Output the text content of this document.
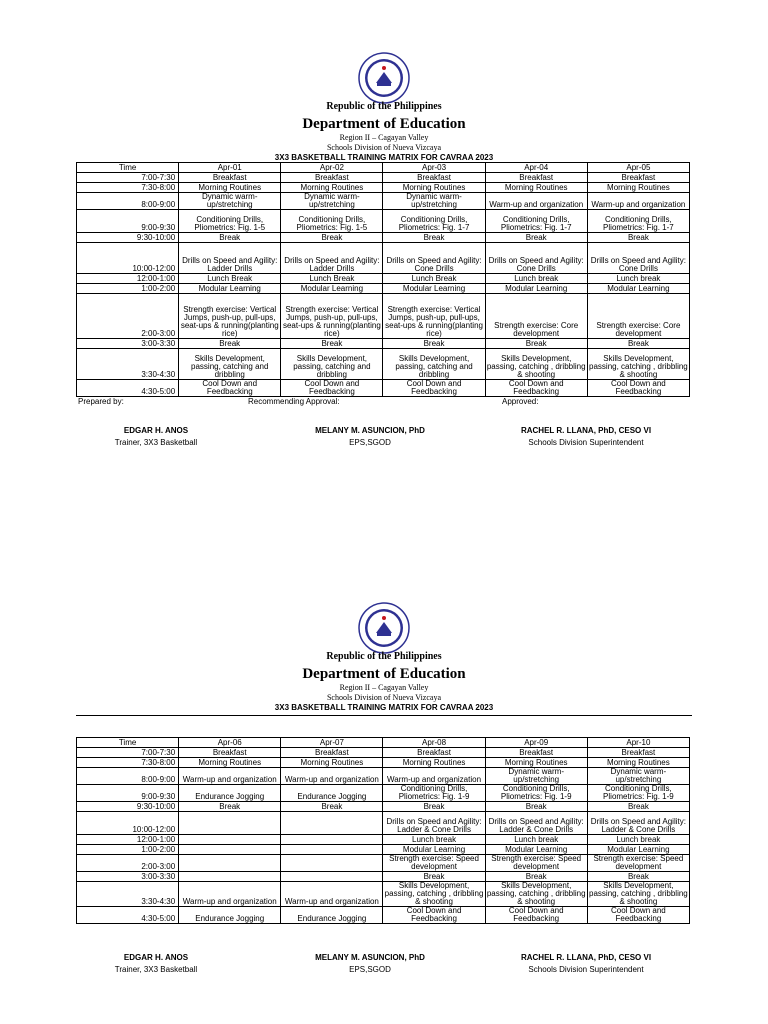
Republic of the Philippines
Department of Education
Region II – Cagayan Valley
Schools Division of Nueva Vizcaya
3X3 BASKETBALL TRAINING MATRIX FOR CAVRAA 2023
Time	Apr-01	Apr-02	Apr-03	Apr-04	Apr-05
7:00-7:30	Breakfast	Breakfast	Breakfast	Breakfast	Breakfast
7:30-8:00	Morning Routines	Morning Routines	Morning Routines	Morning Routines	Morning Routines
8:00-9:00	Dynamic warm-up/stretching	Dynamic warm-up/stretching	Dynamic warm-up/stretching	Warm-up and organization	Warm-up and organization
9:00-9:30	Conditioning Drills, Pliometrics: Fig. 1-5	Conditioning Drills, Pliometrics: Fig. 1-5	Conditioning Drills, Pliometrics: Fig. 1-7	Conditioning Drills, Pliometrics: Fig. 1-7	Conditioning Drills, Pliometrics: Fig. 1-7
9:30-10:00	Break	Break	Break	Break	Break
10:00-12:00	Drills on Speed and Agility: Ladder Drills	Drills on Speed and Agility: Ladder Drills	Drills on Speed and Agility: Cone Drills	Drills on Speed and Agility: Cone Drills	Drills on Speed and Agility: Cone Drills
12:00-1:00	Lunch Break	Lunch Break	Lunch Break	Lunch break	Lunch break
1:00-2:00	Modular Learning	Modular Learning	Modular Learning	Modular Learning	Modular Learning
2:00-3:00	Strength exercise: Vertical Jumps, push-up, pull-ups, seat-ups & running(planting rice)	Strength exercise: Vertical Jumps, push-up, pull-ups, seat-ups & running(planting rice)	Strength exercise: Vertical Jumps, push-up, pull-ups, seat-ups & running(planting rice)	Strength exercise: Core development	Strength exercise: Core development
3:00-3:30	Break	Break	Break	Break	Break
3:30-4:30	Skills Development, passing, catching and dribbling	Skills Development, passing, catching and dribbling	Skills Development, passing, catching and dribbling	Skills Development, passing, catching , dribbling & shooting	Skills Development, passing, catching , dribbling & shooting
4:30-5:00	Cool Down and Feedbacking	Cool Down and Feedbacking	Cool Down and Feedbacking	Cool Down and Feedbacking	Cool Down and Feedbacking
Prepared by:	Recommending Approval:	Approved:
EDGAR H. ANOS
Trainer, 3X3 Basketball
MELANY M. ASUNCION, PhD
EPS,SGOD
RACHEL R. LLANA, PhD, CESO VI
Schools Division Superintendent
Republic of the Philippines
Department of Education
Region II – Cagayan Valley
Schools Division of Nueva Vizcaya
3X3 BASKETBALL TRAINING MATRIX FOR CAVRAA 2023
Time	Apr-06	Apr-07	Apr-08	Apr-09	Apr-10
7:00-7:30	Breakfast	Breakfast	Breakfast	Breakfast	Breakfast
7:30-8:00	Morning Routines	Morning Routines	Morning Routines	Morning Routines	Morning Routines
8:00-9:00	Warm-up and organization	Warm-up and organization	Warm-up and organization	Dynamic warm-up/stretching	Dynamic warm-up/stretching
9:00-9:30	Endurance Jogging	Endurance Jogging	Conditioning Drills, Pliometrics: Fig. 1-9	Conditioning Drills, Pliometrics: Fig. 1-9	Conditioning Drills, Pliometrics: Fig. 1-9
9:30-10:00	Break	Break	Break	Break	Break
10:00-12:00			Drills on Speed and Agility: Ladder & Cone Drills	Drills on Speed and Agility: Ladder & Cone Drills	Drills on Speed and Agility: Ladder & Cone Drills
12:00-1:00			Lunch break	Lunch break	Lunch break
1:00-2:00			Modular Learning	Modular Learning	Modular Learning
2:00-3:00			Strength exercise: Speed development	Strength exercise: Speed development	Strength exercise: Speed development
3:00-3:30			Break	Break	Break
3:30-4:30	Warm-up and organization	Warm-up and organization	Skills Development, passing, catching , dribbling & shooting	Skills Development, passing, catching , dribbling & shooting	Skills Development, passing, catching , dribbling & shooting
4:30-5:00	Endurance Jogging	Endurance Jogging	Cool Down and Feedbacking	Cool Down and Feedbacking	Cool Down and Feedbacking
EDGAR H. ANOS
Trainer, 3X3 Basketball
MELANY M. ASUNCION, PhD
EPS,SGOD
RACHEL R. LLANA, PhD, CESO VI
Schools Division Superintendent
